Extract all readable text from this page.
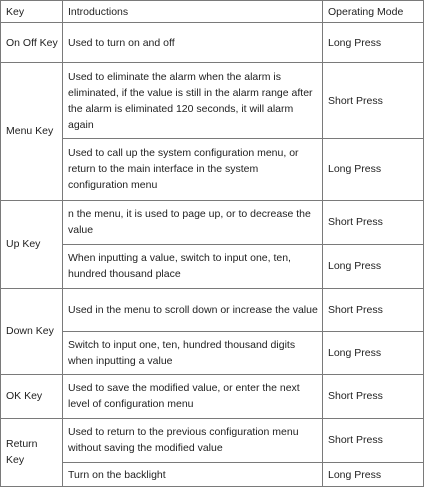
Key	Introductions	Operating Mode
On Off Key	Used to turn on and off	Long Press
Menu Key	Used to eliminate the alarm when the alarm is eliminated, if the value is still in the alarm range after the alarm is eliminated 120 seconds, it will alarm again	Short Press
	Used to call up the system configuration menu, or return to the main interface in the system configuration menu	Long Press
Up Key	n the menu, it is used to page up, or to decrease the value	Short Press
	When inputting a value, switch to input one, ten, hundred thousand place	Long Press
Down Key	Used in the menu to scroll down or increase the value	Short Press
	Switch to input one, ten, hundred thousand digits when inputting a value	Long Press
OK Key	Used to save the modified value, or enter the next level of configuration menu	Short Press
Return Key	Used to return to the previous configuration menu without saving the modified value	Short Press
	Turn on the backlight	Long Press
